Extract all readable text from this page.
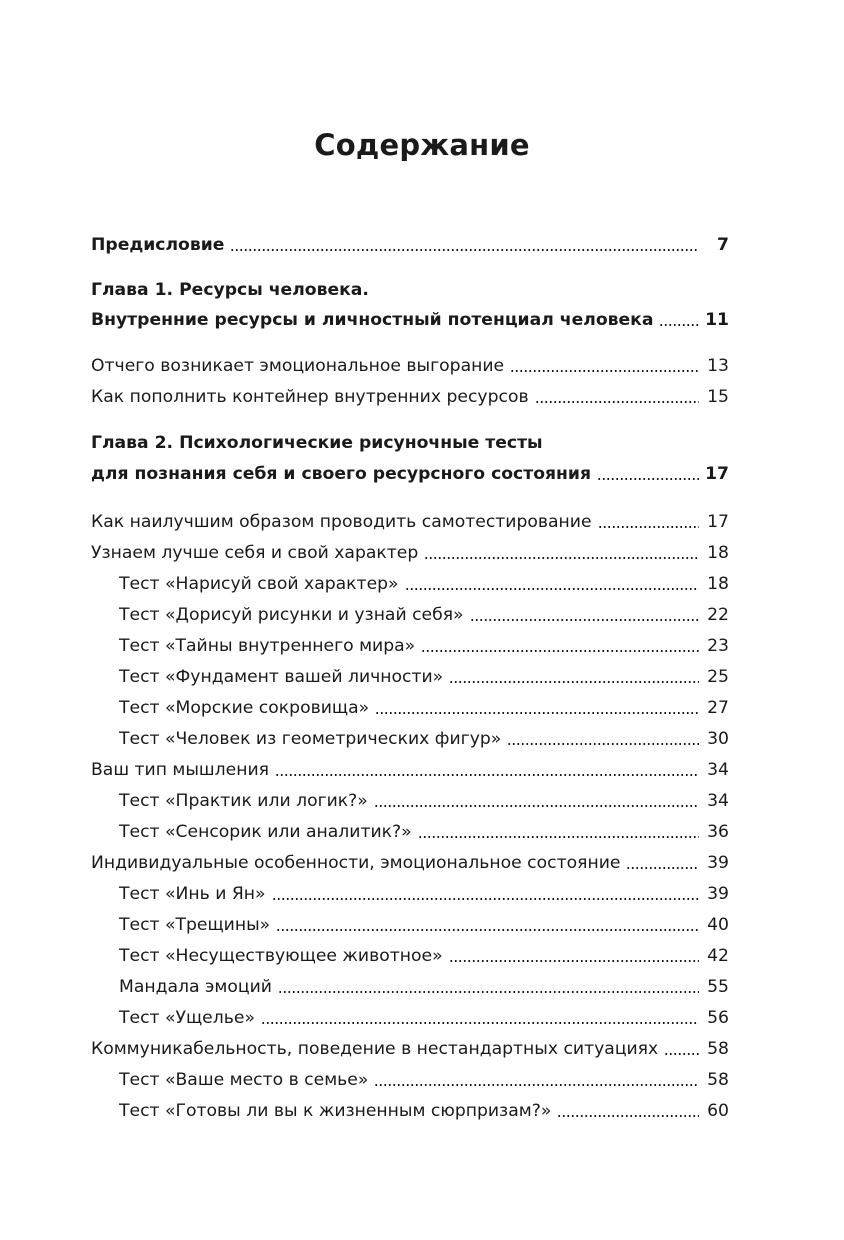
Содержание
Предисловие	7
Глава 1. Ресурсы человека.
Внутренние ресурсы и личностный потенциал человека	11
Отчего возникает эмоциональное выгорание	13
Как пополнить контейнер внутренних ресурсов	15
Глава 2. Психологические рисуночные тесты
для познания себя и своего ресурсного состояния	17
Как наилучшим образом проводить самотестирование	17
Узнаем лучше себя и свой характер	18
Тест «Нарисуй свой характер»	18
Тест «Дорисуй рисунки и узнай себя»	22
Тест «Тайны внутреннего мира»	23
Тест «Фундамент вашей личности»	25
Тест «Морские сокровища»	27
Тест «Человек из геометрических фигур»	30
Ваш тип мышления	34
Тест «Практик или логик?»	34
Тест «Сенсорик или аналитик?»	36
Индивидуальные особенности, эмоциональное состояние	39
Тест «Инь и Ян»	39
Тест «Трещины»	40
Тест «Несуществующее животное»	42
Мандала эмоций	55
Тест «Ущелье»	56
Коммуникабельность, поведение в нестандартных ситуациях	58
Тест «Ваше место в семье»	58
Тест «Готовы ли вы к жизненным сюрпризам?»	60
